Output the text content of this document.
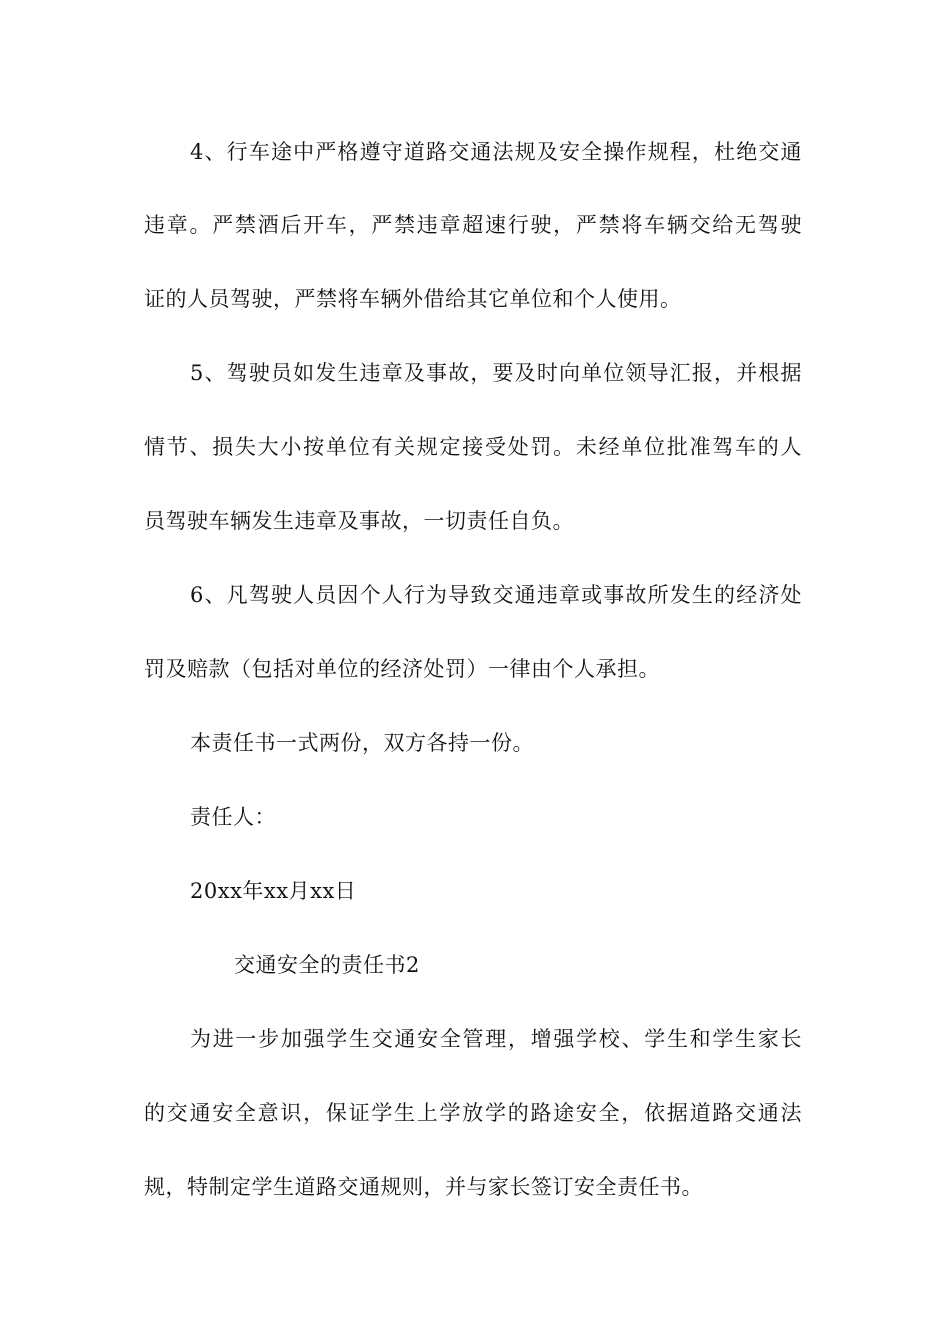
4、行车途中严格遵守道路交通法规及安全操作规程，杜绝交通
违章。严禁酒后开车，严禁违章超速行驶，严禁将车辆交给无驾驶
证的人员驾驶，严禁将车辆外借给其它单位和个人使用。
5、驾驶员如发生违章及事故，要及时向单位领导汇报，并根据
情节、损失大小按单位有关规定接受处罚。未经单位批准驾车的人
员驾驶车辆发生违章及事故，一切责任自负。
6、凡驾驶人员因个人行为导致交通违章或事故所发生的经济处
罚及赔款（包括对单位的经济处罚）一律由个人承担。
本责任书一式两份，双方各持一份。
责任人：
20xx年xx月xx日
交通安全的责任书2
为进一步加强学生交通安全管理，增强学校、学生和学生家长
的交通安全意识，保证学生上学放学的路途安全，依据道路交通法
规，特制定学生道路交通规则，并与家长签订安全责任书。
